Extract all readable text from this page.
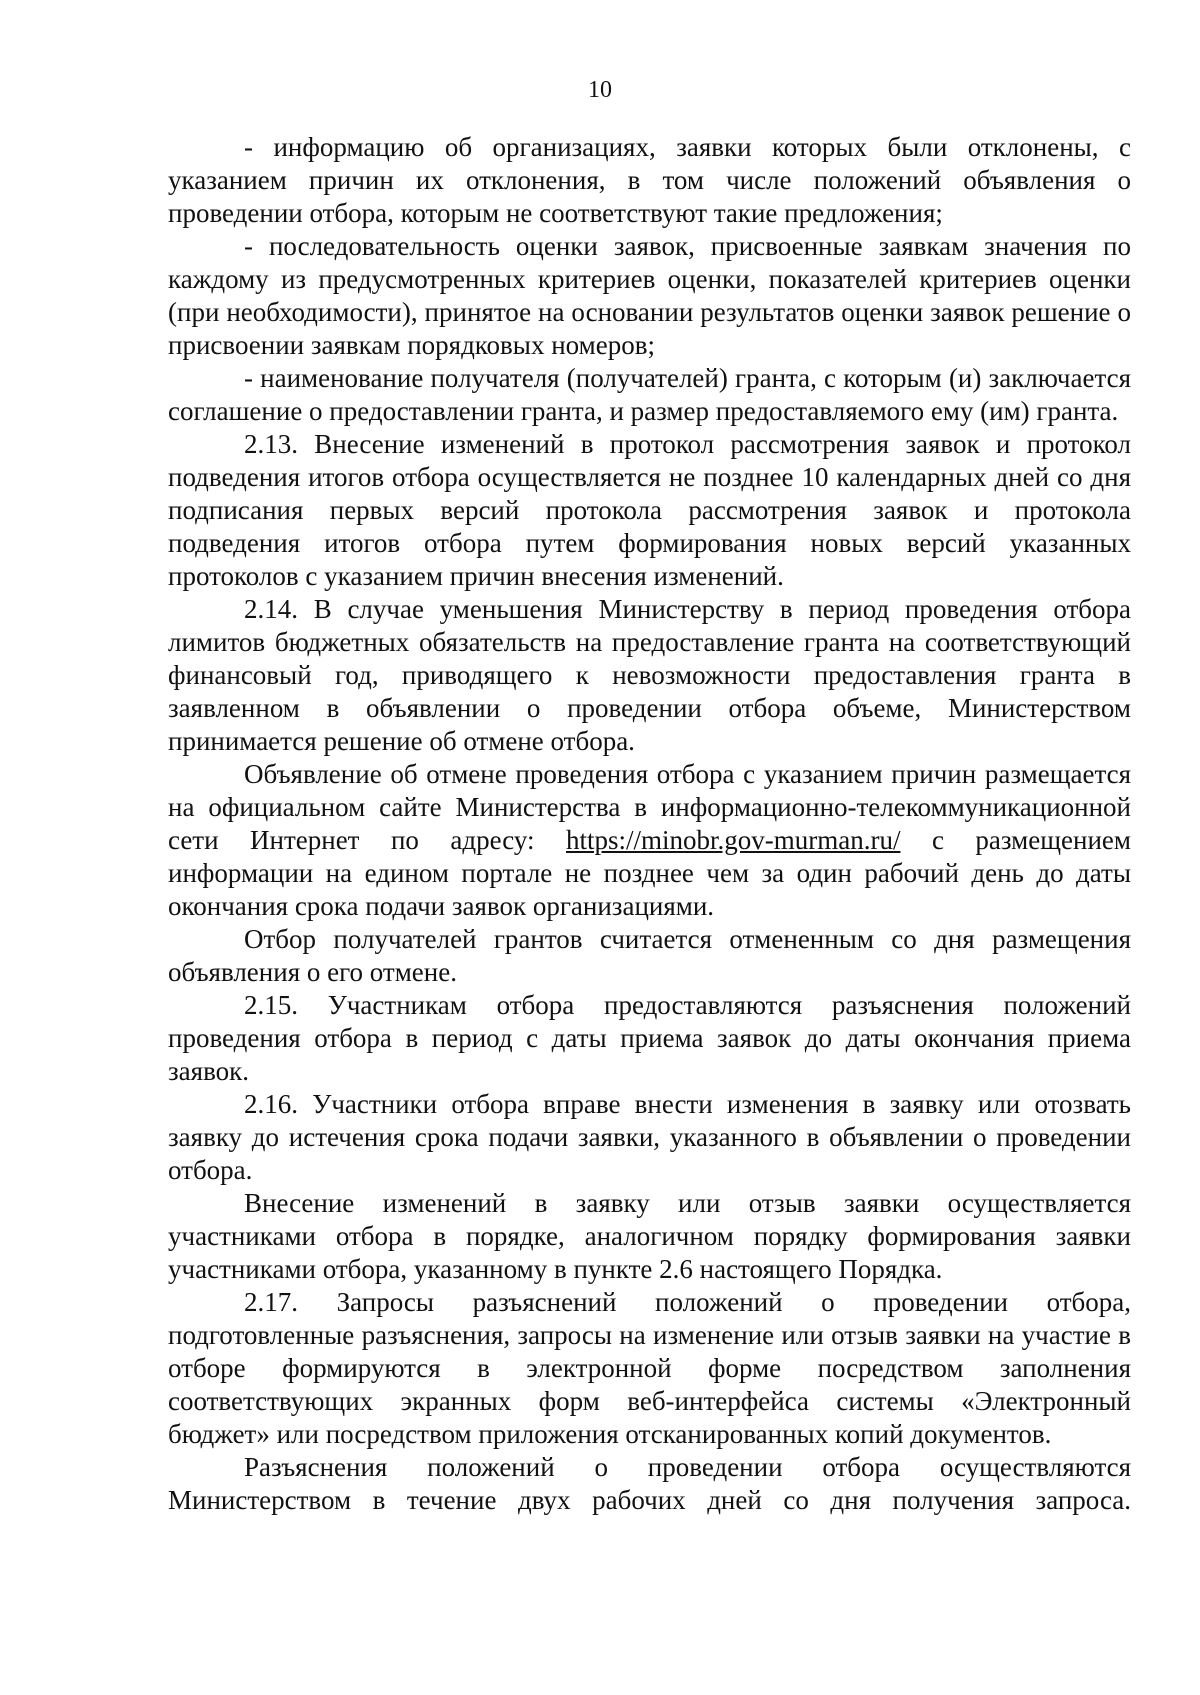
10

- информацию об организациях, заявки которых были отклонены, с указанием причин их отклонения, в том числе положений объявления о проведении отбора, которым не соответствуют такие предложения;

- последовательность оценки заявок, присвоенные заявкам значения по каждому из предусмотренных критериев оценки, показателей критериев оценки (при необходимости), принятое на основании результатов оценки заявок решение о присвоении заявкам порядковых номеров;

- наименование получателя (получателей) гранта, с которым (и) заключается соглашение о предоставлении гранта, и размер предоставляемого ему (им) гранта.

2.13. Внесение изменений в протокол рассмотрения заявок и протокол подведения итогов отбора осуществляется не позднее 10 календарных дней со дня подписания первых версий протокола рассмотрения заявок и протокола подведения итогов отбора путем формирования новых версий указанных протоколов с указанием причин внесения изменений.

2.14. В случае уменьшения Министерству в период проведения отбора лимитов бюджетных обязательств на предоставление гранта на соответствующий финансовый год, приводящего к невозможности предоставления гранта в заявленном в объявлении о проведении отбора объеме, Министерством принимается решение об отмене отбора.

Объявление об отмене проведения отбора с указанием причин размещается на официальном сайте Министерства в информационно-телекоммуникационной сети Интернет по адресу: https://minobr.gov-murman.ru/ с размещением информации на едином портале не позднее чем за один рабочий день до даты окончания срока подачи заявок организациями.

Отбор получателей грантов считается отмененным со дня размещения объявления о его отмене.

2.15. Участникам отбора предоставляются разъяснения положений проведения отбора в период с даты приема заявок до даты окончания приема заявок.

2.16. Участники отбора вправе внести изменения в заявку или отозвать заявку до истечения срока подачи заявки, указанного в объявлении о проведении отбора.

Внесение изменений в заявку или отзыв заявки осуществляется участниками отбора в порядке, аналогичном порядку формирования заявки участниками отбора, указанному в пункте 2.6 настоящего Порядка.

2.17. Запросы разъяснений положений о проведении отбора, подготовленные разъяснения, запросы на изменение или отзыв заявки на участие в отборе формируются в электронной форме посредством заполнения соответствующих экранных форм веб-интерфейса системы «Электронный бюджет» или посредством приложения отсканированных копий документов.

Разъяснения положений о проведении отбора осуществляются Министерством в течение двух рабочих дней со дня получения запроса.
